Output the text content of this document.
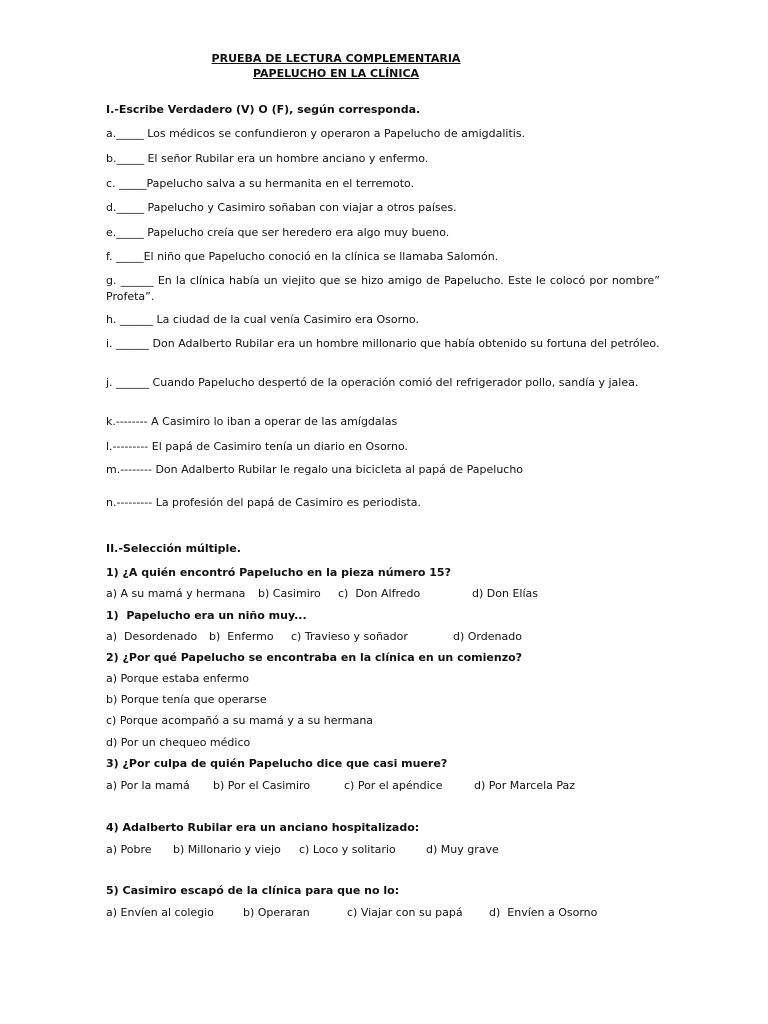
PRUEBA DE LECTURA COMPLEMENTARIA
PAPELUCHO EN LA CLÍNICA
I.-Escribe Verdadero (V) O (F), según corresponda.
a._____ Los médicos se confundieron y operaron a Papelucho de amigdalitis.
b._____ El señor Rubilar era un hombre anciano y enfermo.
c. _____Papelucho salva a su hermanita en el terremoto.
d._____ Papelucho y Casimiro soñaban con viajar a otros países.
e._____ Papelucho creía que ser heredero era algo muy bueno.
f. _____El niño que Papelucho conoció en la clínica se llamaba Salomón.
g. ______ En la clínica había un viejito que se hizo amigo de Papelucho. Este le colocó por nombre” Profeta”.
h. ______ La ciudad de la cual venía Casimiro era Osorno.
i. ______ Don Adalberto Rubilar era un hombre millonario que había obtenido su fortuna del petróleo.
j. ______ Cuando Papelucho despertó de la operación comió del refrigerador pollo, sandía y jalea.
k.-------- A Casimiro lo iban a operar de las amígdalas
l.--------- El papá de Casimiro tenía un diario en Osorno.
m.-------- Don Adalberto Rubilar le regalo una bicicleta al papá de Papelucho
n.--------- La profesión del papá de Casimiro es periodista.
II.-Selección múltiple.
1) ¿A quién encontró Papelucho en la pieza número 15?
a) A su mamá y hermana b) Casimiro c)  Don Alfredo	d) Don Elías
1)  Papelucho era un niño muy...
a)  Desordenado b)  Enfermo c) Travieso y soñador	d) Ordenado
2) ¿Por qué Papelucho se encontraba en la clínica en un comienzo?
a) Porque estaba enfermo
b) Porque tenía que operarse
c) Porque acompañó a su mamá y a su hermana
d) Por un chequeo médico
3) ¿Por culpa de quién Papelucho dice que casi muere?
a) Por la mamá b) Por el Casimiro	c) Por el apéndice	d) Por Marcela Paz
4) Adalberto Rubilar era un anciano hospitalizado:
a) Pobre b) Millonario y viejo c) Loco y solitario	d) Muy grave
5) Casimiro escapó de la clínica para que no lo:
a) Envíen al colegio	b) Operaran	c) Viajar con su papá d)  Envíen a Osorno
